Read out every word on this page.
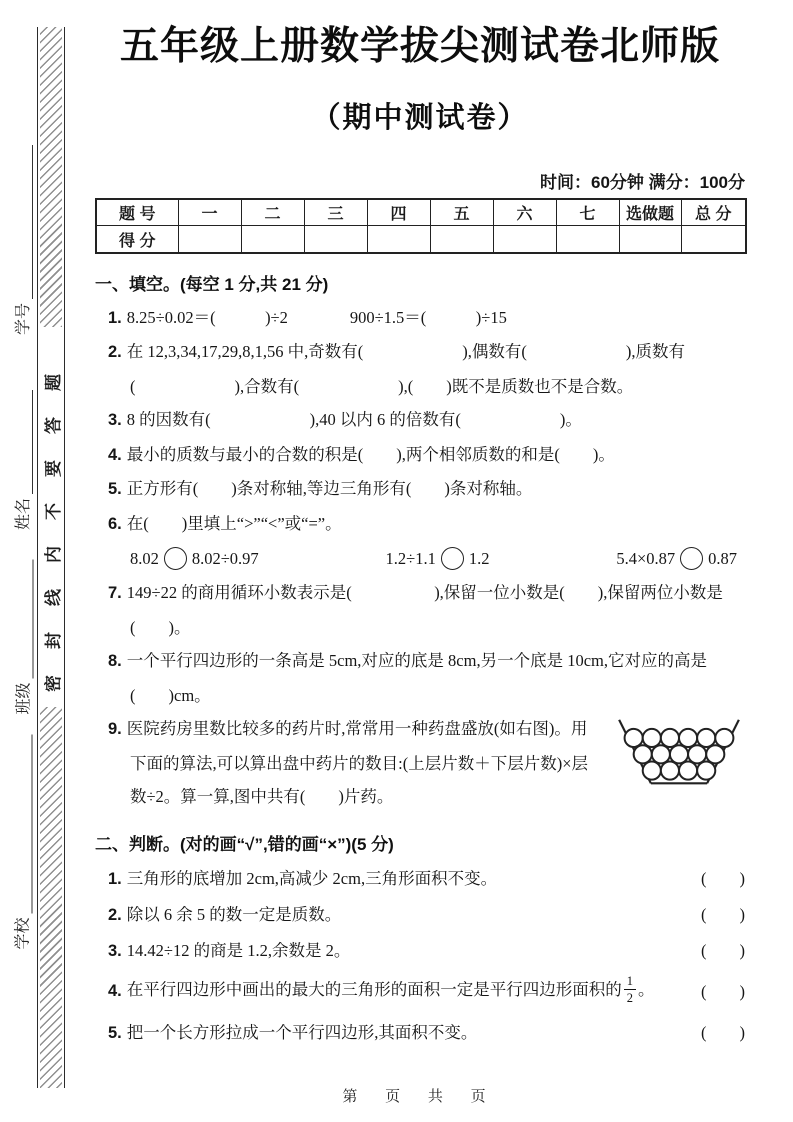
密封线内不要答题
学号
姓名
班级
学校
五年级上册数学拔尖测试卷北师版
（期中测试卷）
时间：60分钟 满分：100分
题 号	一	二	三	四	五	六	七	选做题	总 分
得 分									
一、填空。(每空 1 分,共 21 分)
1. 8.25÷0.02＝(　　　)÷2	900÷1.5＝(　　　)÷15
2. 在 12,3,34,17,29,8,1,56 中,奇数有(　　　　　　),偶数有(　　　　　　),质数有(　　　　　　),合数有(　　　　　　),(　　)既不是质数也不是合数。
3. 8 的因数有(　　　　　　),40 以内 6 的倍数有(　　　　　　)。
4. 最小的质数与最小的合数的积是(　　),两个相邻质数的和是(　　)。
5. 正方形有(　　)条对称轴,等边三角形有(　　)条对称轴。
6. 在(　　)里填上“>”“<”或“=”。
8.02 8.02÷0.97	1.2÷1.1 1.2	5.4×0.87 0.87
7. 149÷22 的商用循环小数表示是(　　　　　),保留一位小数是(　　),保留两位小数是(　　)。
8. 一个平行四边形的一条高是 5cm,对应的底是 8cm,另一个底是 10cm,它对应的高是(　　)cm。
9. 医院药房里数比较多的药片时,常常用一种药盘盛放(如右图)。用下面的算法,可以算出盘中药片的数目:(上层片数＋下层片数)×层数÷2。算一算,图中共有(　　)片药。
二、判断。(对的画“√”,错的画“×”)(5 分)
1. 三角形的底增加 2cm,高减少 2cm,三角形面积不变。	(　　)
2. 除以 6 余 5 的数一定是质数。	(　　)
3. 14.42÷12 的商是 1.2,余数是 2。	(　　)
4. 在平行四边形中画出的最大的三角形的面积一定是平行四边形面积的 $\frac{1}{2}$ 。	(　　)
5. 把一个长方形拉成一个平行四边形,其面积不变。	(　　)
第 页 共 页
